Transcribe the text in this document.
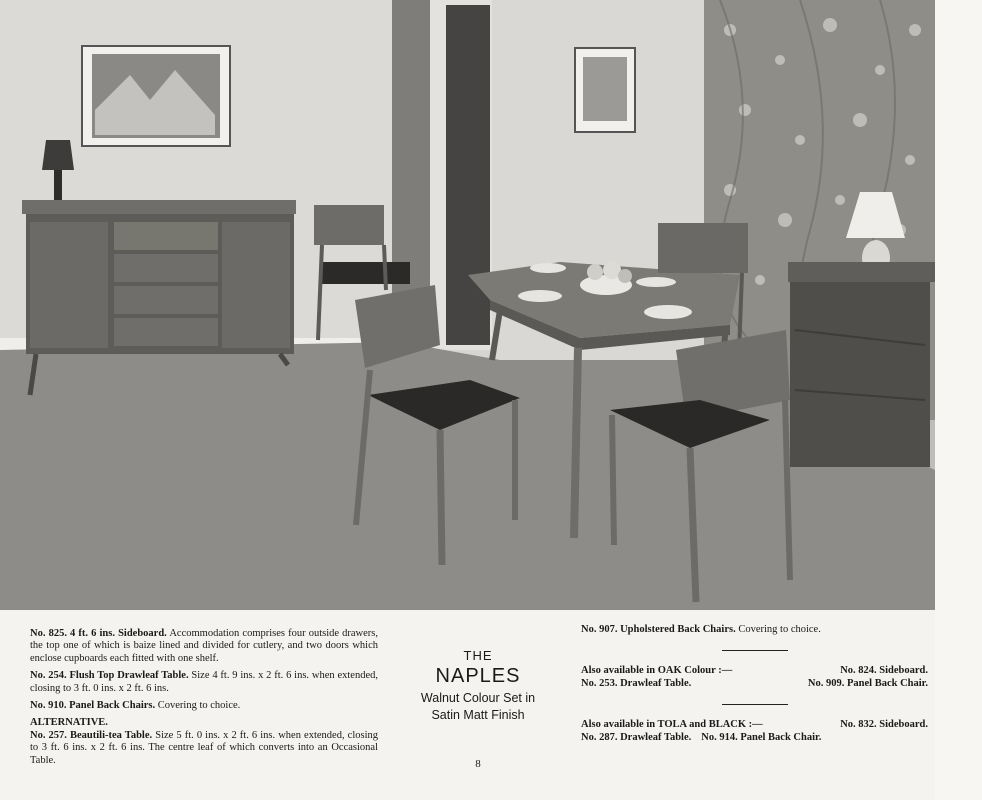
No. 825. 4 ft. 6 ins. Sideboard. Accommodation comprises four outside drawers, the top one of which is baize lined and divided for cutlery, and two doors which enclose cupboards each fitted with one shelf.

No. 254. Flush Top Drawleaf Table. Size 4 ft. 9 ins. x 2 ft. 6 ins. when extended, closing to 3 ft. 0 ins. x 2 ft. 6 ins.

No. 910. Panel Back Chairs. Covering to choice.

ALTERNATIVE.

No. 257. Beautili-tea Table. Size 5 ft. 0 ins. x 2 ft. 6 ins. when extended, closing to 3 ft. 6 ins. x 2 ft. 6 ins. The centre leaf of which converts into an Occasional Table.

THE
NAPLES
Walnut Colour Set in
Satin Matt Finish
8

No. 907. Upholstered Back Chairs. Covering to choice.

Also available in OAK Colour :—	No. 824. Sideboard.
No. 253. Drawleaf Table.	No. 909. Panel Back Chair.
Also available in TOLA and BLACK :—	No. 832. Sideboard.
No. 287. Drawleaf Table. No. 914. Panel Back Chair.
